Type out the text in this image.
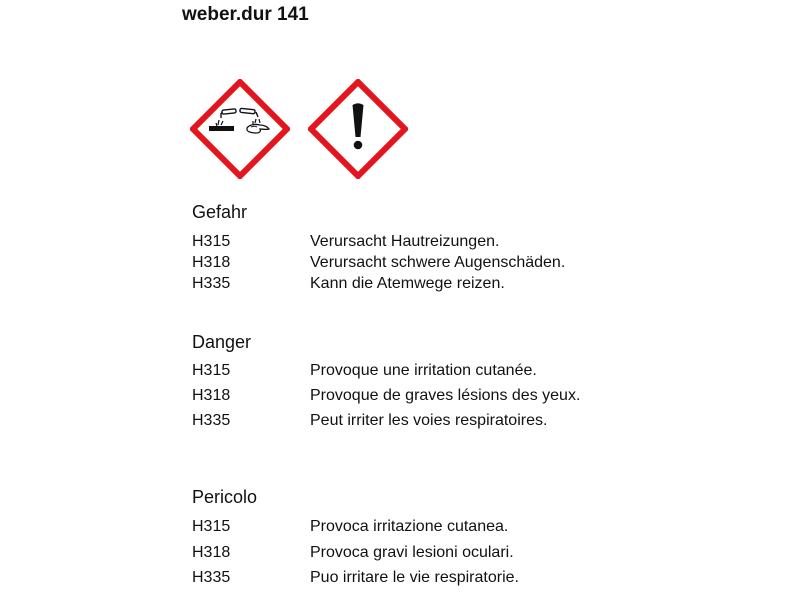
weber.dur 141
Gefahr
H315	Verursacht Hautreizungen.
H318	Verursacht schwere Augenschäden.
H335	Kann die Atemwege reizen.
Danger
H315	Provoque une irritation cutanée.
H318	Provoque de graves lésions des yeux.
H335	Peut irriter les voies respiratoires.
Pericolo
H315	Provoca irritazione cutanea.
H318	Provoca gravi lesioni oculari.
H335	Puo irritare le vie respiratorie.
